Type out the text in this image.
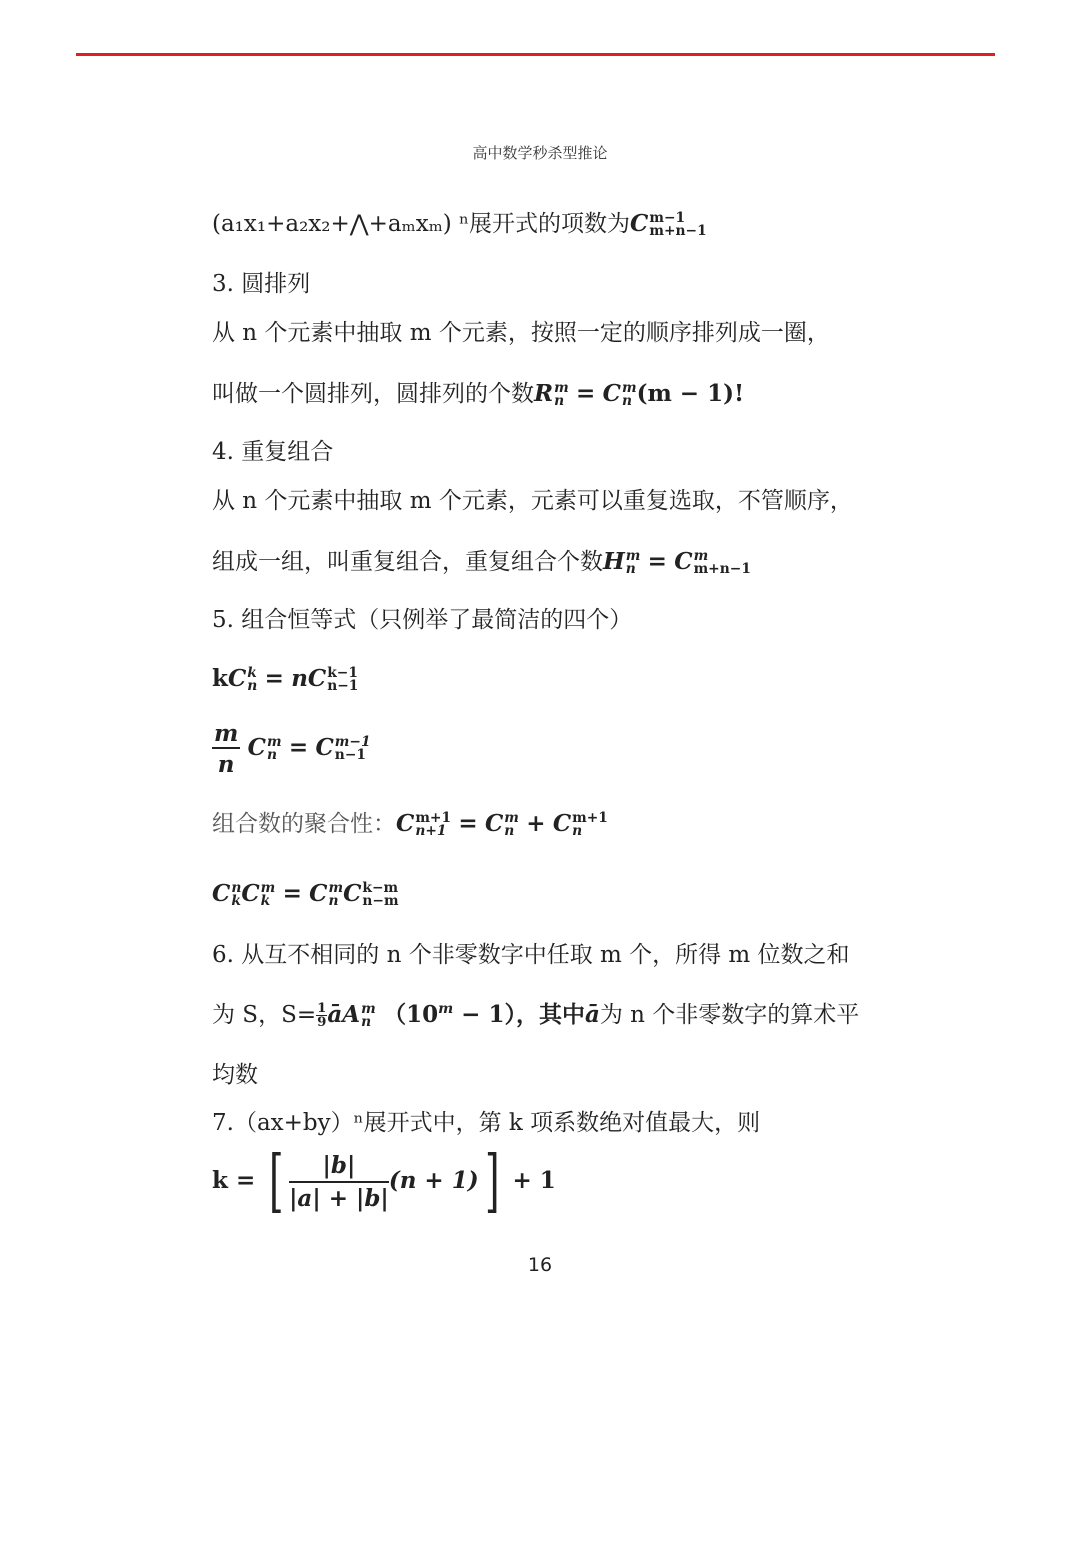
高中数学秒杀型推论
(a₁x₁+a₂x₂+⋀+aₘxₘ) ⁿ展开式的项数为C m−1
m+n−1
3. 圆排列
从 n 个元素中抽取 m 个元素，按照一定的顺序排列成一圈，
叫做一个圆排列，圆排列的个数R m
n = C m
n (m − 1)!
4. 重复组合
从 n 个元素中抽取 m 个元素，元素可以重复选取，不管顺序，
组成一组，叫重复组合，重复组合个数H m
n = C m
m+n−1
5. 组合恒等式（只例举了最简洁的四个）
kC k
n = nC k−1
n−1
$\frac{m}{n}$ C m
n = C m−1
n−1
组合数的聚合性：C m+1
n+1 = C m
n + C m+1
n
C n
k C m
k = C m
n C k−m
n−m
6. 从互不相同的 n 个非零数字中任取 m 个，所得 m 位数之和
为 S，$S= \frac{1}{9}$ āA m
n $(10^m - 1)$，其中ā为 n 个非零数字的算术平
均数
7.（ax+by）ⁿ展开式中，第 k 项系数绝对值最大，则
k = [ $\frac{|b|}{|a| + |b|} (n + 1)] + 1$
16
